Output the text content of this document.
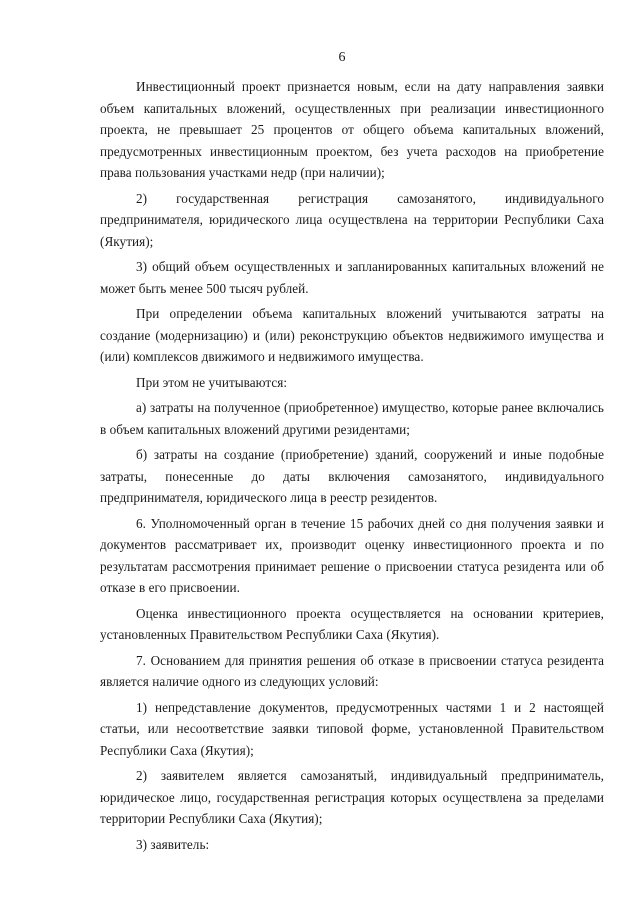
6

Инвестиционный проект признается новым, если на дату направления заявки объем капитальных вложений, осуществленных при реализации инвестиционного проекта, не превышает 25 процентов от общего объема капитальных вложений, предусмотренных инвестиционным проектом, без учета расходов на приобретение права пользования участками недр (при наличии);

2) государственная регистрация самозанятого, индивидуального предпринимателя, юридического лица осуществлена на территории Республики Саха (Якутия);

3) общий объем осуществленных и запланированных капитальных вложений не может быть менее 500 тысяч рублей.

При определении объема капитальных вложений учитываются затраты на создание (модернизацию) и (или) реконструкцию объектов недвижимого имущества и (или) комплексов движимого и недвижимого имущества.

При этом не учитываются:

а) затраты на полученное (приобретенное) имущество, которые ранее включались в объем капитальных вложений другими резидентами;

б) затраты на создание (приобретение) зданий, сооружений и иные подобные затраты, понесенные до даты включения самозанятого, индивидуального предпринимателя, юридического лица в реестр резидентов.

6. Уполномоченный орган в течение 15 рабочих дней со дня получения заявки и документов рассматривает их, производит оценку инвестиционного проекта и по результатам рассмотрения принимает решение о присвоении статуса резидента или об отказе в его присвоении.

Оценка инвестиционного проекта осуществляется на основании критериев, установленных Правительством Республики Саха (Якутия).

7. Основанием для принятия решения об отказе в присвоении статуса резидента является наличие одного из следующих условий:

1) непредставление документов, предусмотренных частями 1 и 2 настоящей статьи, или несоответствие заявки типовой форме, установленной Правительством Республики Саха (Якутия);

2) заявителем является самозанятый, индивидуальный предприниматель, юридическое лицо, государственная регистрация которых осуществлена за пределами территории Республики Саха (Якутия);

3) заявитель:
